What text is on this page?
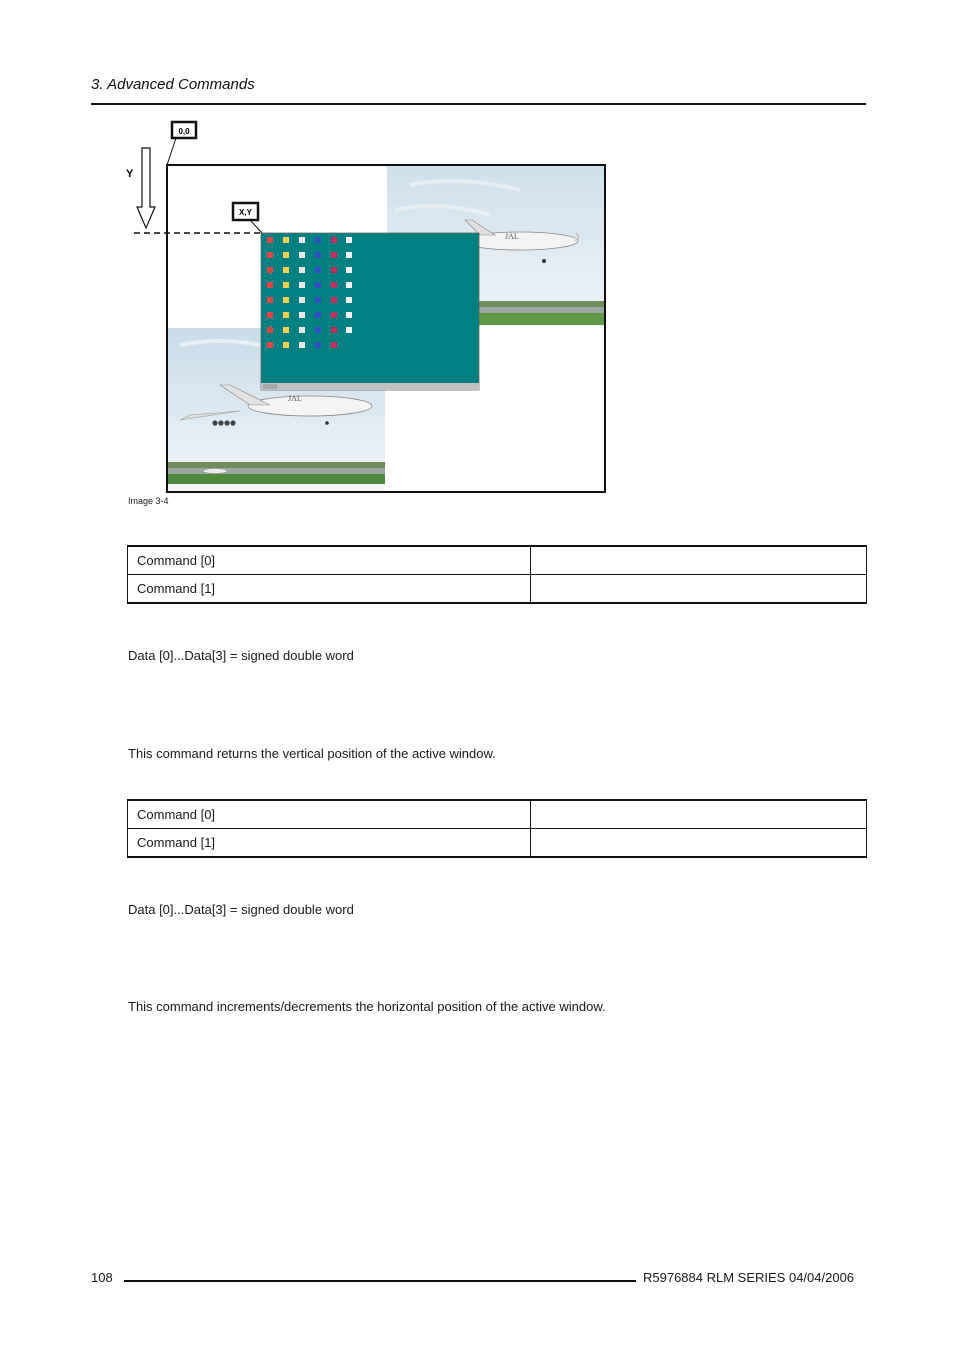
3. Advanced Commands
0,0
Y
JAL
JAL
X,Y
Image 3-4
Command [0]	
Command [1]	
Data [0]...Data[3] = signed double word
This command returns the vertical position of the active window.
Command [0]	
Command [1]	
Data [0]...Data[3] = signed double word
This command increments/decrements the horizontal position of the active window.
108	R5976884 RLM SERIES 04/04/2006
